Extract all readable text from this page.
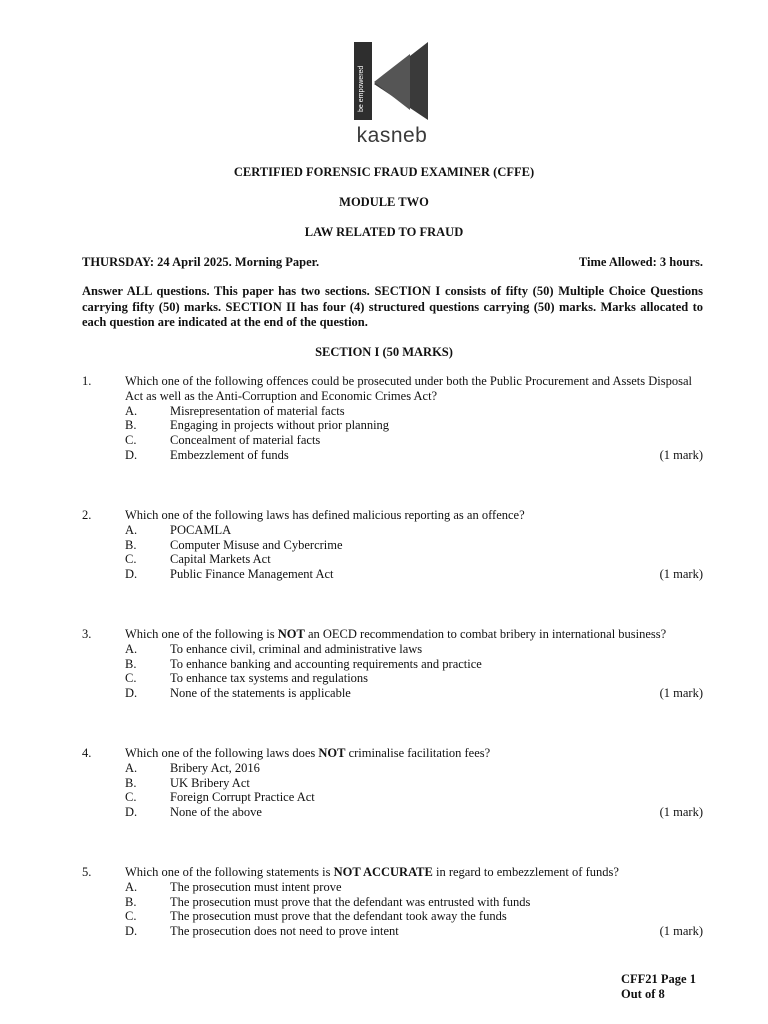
be empowered
kasneb
CERTIFIED FORENSIC FRAUD EXAMINER (CFFE)
MODULE TWO
LAW RELATED TO FRAUD
THURSDAY: 24 April 2025. Morning Paper.	Time Allowed: 3 hours.
Answer ALL questions. This paper has two sections. SECTION I consists of fifty (50) Multiple Choice Questions carrying fifty (50) marks. SECTION II has four (4) structured questions carrying (50) marks. Marks allocated to each question are indicated at the end of the question.
SECTION I (50 MARKS)
1.	Which one of the following offences could be prosecuted under both the Public Procurement and Assets Disposal Act as well as the Anti-Corruption and Economic Crimes Act?
A.	Misrepresentation of material facts
B.	Engaging in projects without prior planning
C.	Concealment of material facts
D.	Embezzlement of funds	(1 mark)
2.	Which one of the following laws has defined malicious reporting as an offence?
A.	POCAMLA
B.	Computer Misuse and Cybercrime
C.	Capital Markets Act
D.	Public Finance Management Act	(1 mark)
3.	Which one of the following is NOT an OECD recommendation to combat bribery in international business?
A.	To enhance civil, criminal and administrative laws
B.	To enhance banking and accounting requirements and practice
C.	To enhance tax systems and regulations
D.	None of the statements is applicable	(1 mark)
4.	Which one of the following laws does NOT criminalise facilitation fees?
A.	Bribery Act, 2016
B.	UK Bribery Act
C.	Foreign Corrupt Practice Act
D.	None of the above	(1 mark)
5.	Which one of the following statements is NOT ACCURATE in regard to embezzlement of funds?
A.	The prosecution must intent prove
B.	The prosecution must prove that the defendant was entrusted with funds
C.	The prosecution must prove that the defendant took away the funds
D.	The prosecution does not need to prove intent	(1 mark)
CFF21 Page 1
Out of 8
